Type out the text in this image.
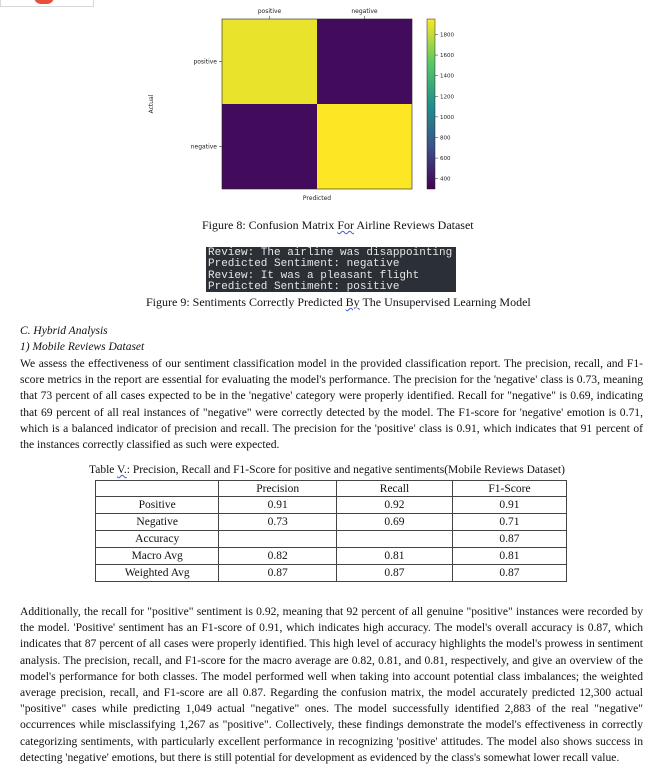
positive	negative
positive
negative
Predicted
Actual
1800
1600
1400
1200
1000
800
600
400
Figure 8: Confusion Matrix For Airline Reviews Dataset
Review: The airline was disappointing
Predicted Sentiment: negative
Review: It was a pleasant flight
Predicted Sentiment: positive
Figure 9: Sentiments Correctly Predicted By The Unsupervised Learning Model
C. Hybrid Analysis
1) Mobile Reviews Dataset
We assess the effectiveness of our sentiment classification model in the provided classification report. The precision, recall, and F1-score metrics in the report are essential for evaluating the model's performance. The precision for the 'negative' class is 0.73, meaning that 73 percent of all cases expected to be in the 'negative' category were properly identified. Recall for "negative" is 0.69, indicating that 69 percent of all real instances of "negative" were correctly detected by the model. The F1-score for 'negative' emotion is 0.71, which is a balanced indicator of precision and recall. The precision for the 'positive' class is 0.91, which indicates that 91 percent of the instances correctly classified as such were expected.
Table V.: Precision, Recall and F1-Score for positive and negative sentiments(Mobile Reviews Dataset)
	Precision	Recall	F1-Score
Positive	0.91	0.92	0.91
Negative	0.73	0.69	0.71
Accuracy			0.87
Macro Avg	0.82	0.81	0.81
Weighted Avg	0.87	0.87	0.87
Additionally, the recall for "positive" sentiment is 0.92, meaning that 92 percent of all genuine "positive" instances were recorded by the model. 'Positive' sentiment has an F1-score of 0.91, which indicates high accuracy. The model's overall accuracy is 0.87, which indicates that 87 percent of all cases were properly identified. This high level of accuracy highlights the model's prowess in sentiment analysis. The precision, recall, and F1-score for the macro average are 0.82, 0.81, and 0.81, respectively, and give an overview of the model's performance for both classes. The model performed well when taking into account potential class imbalances; the weighted average precision, recall, and F1-score are all 0.87. Regarding the confusion matrix, the model accurately predicted 12,300 actual "positive" cases while predicting 1,049 actual "negative" ones. The model successfully identified 2,883 of the real "negative" occurrences while misclassifying 1,267 as "positive". Collectively, these findings demonstrate the model's effectiveness in correctly categorizing sentiments, with particularly excellent performance in recognizing 'positive' attitudes. The model also shows success in detecting 'negative' emotions, but there is still potential for development as evidenced by the class's somewhat lower recall value.
